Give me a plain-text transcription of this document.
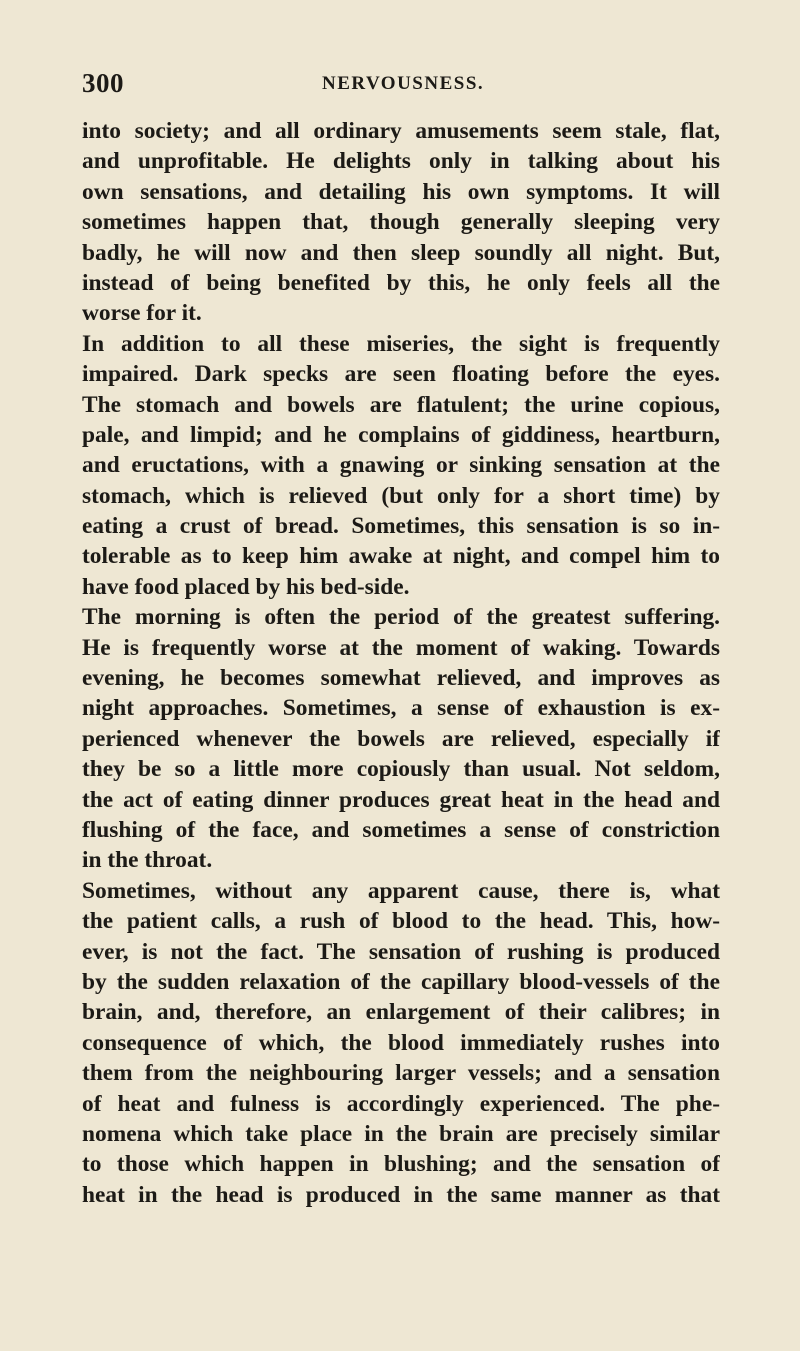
300	NERVOUSNESS.
into society; and all ordinary amusements seem stale, flat,
and unprofitable. He delights only in talking about his
own sensations, and detailing his own symptoms. It will
sometimes happen that, though generally sleeping very
badly, he will now and then sleep soundly all night. But,
instead of being benefited by this, he only feels all the
worse for it.
In addition to all these miseries, the sight is frequently
impaired. Dark specks are seen floating before the eyes.
The stomach and bowels are flatulent; the urine copious,
pale, and limpid; and he complains of giddiness, heartburn,
and eructations, with a gnawing or sinking sensation at the
stomach, which is relieved (but only for a short time) by
eating a crust of bread. Sometimes, this sensation is so in-
tolerable as to keep him awake at night, and compel him to
have food placed by his bed-side.
The morning is often the period of the greatest suffering.
He is frequently worse at the moment of waking. Towards
evening, he becomes somewhat relieved, and improves as
night approaches. Sometimes, a sense of exhaustion is ex-
perienced whenever the bowels are relieved, especially if
they be so a little more copiously than usual. Not seldom,
the act of eating dinner produces great heat in the head and
flushing of the face, and sometimes a sense of constriction
in the throat.
Sometimes, without any apparent cause, there is, what
the patient calls, a rush of blood to the head. This, how-
ever, is not the fact. The sensation of rushing is produced
by the sudden relaxation of the capillary blood-vessels of the
brain, and, therefore, an enlargement of their calibres; in
consequence of which, the blood immediately rushes into
them from the neighbouring larger vessels; and a sensation
of heat and fulness is accordingly experienced. The phe-
nomena which take place in the brain are precisely similar
to those which happen in blushing; and the sensation of
heat in the head is produced in the same manner as that
